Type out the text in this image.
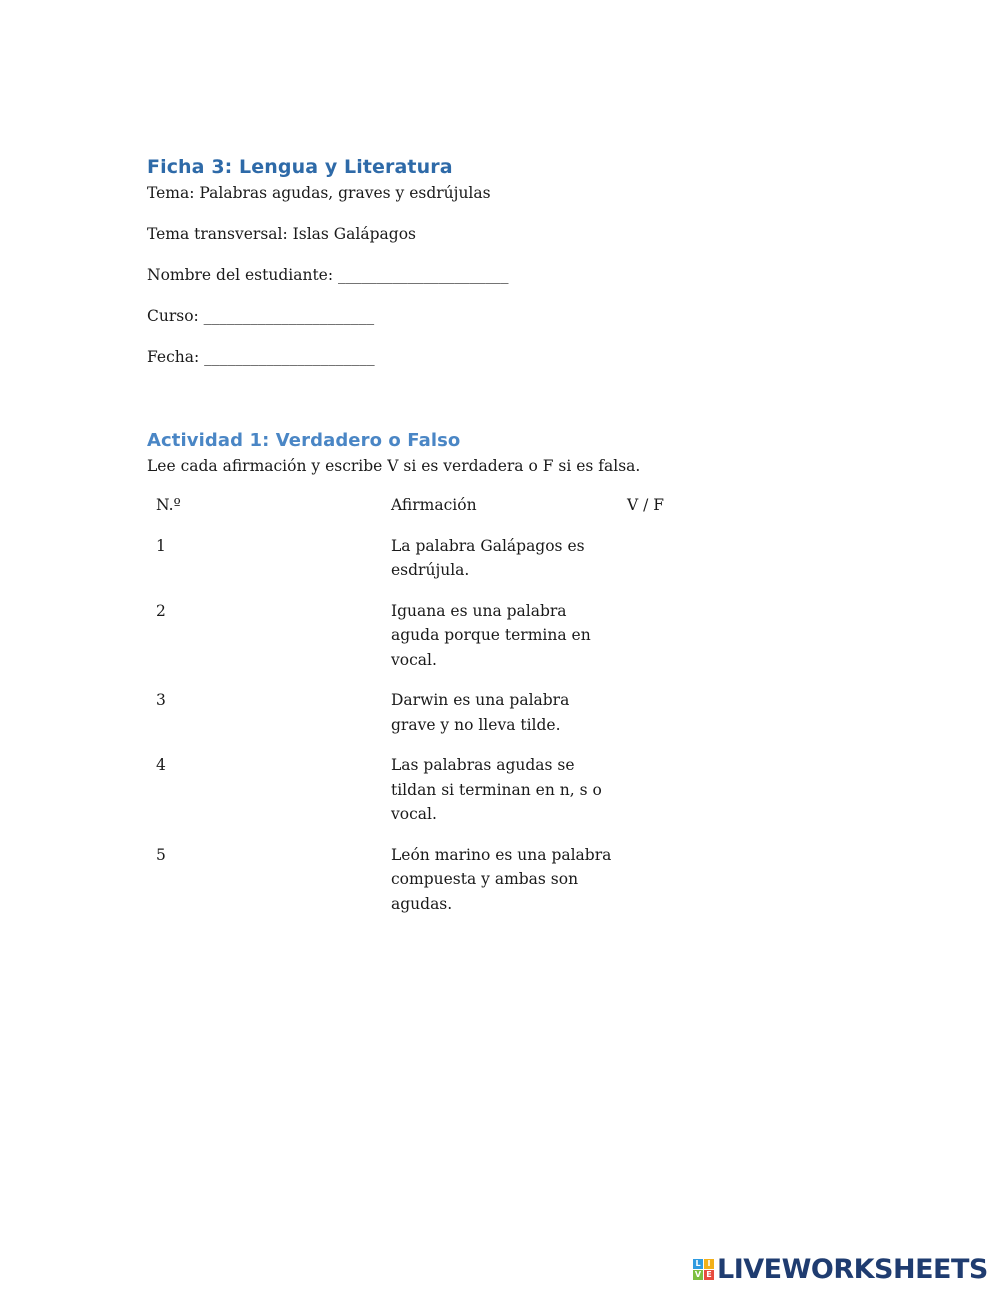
Ficha 3: Lengua y Literatura

Tema: Palabras agudas, graves y esdrújulas

Tema transversal: Islas Galápagos

Nombre del estudiante: ______________________

Curso: ______________________

Fecha: ______________________

Actividad 1: Verdadero o Falso

Lee cada afirmación y escribe V si es verdadera o F si es falsa.

N.º	Afirmación	V / F
1	La palabra Galápagos es esdrújula.	

2	Iguana es una palabra aguda porque termina en vocal.	

3	Darwin es una palabra grave y no lleva tilde.	

4	Las palabras agudas se tildan si terminan en n, s o vocal.	

5	León marino es una palabra compuesta y ambas son agudas.	

L I
V E LIVEWORKSHEETS
